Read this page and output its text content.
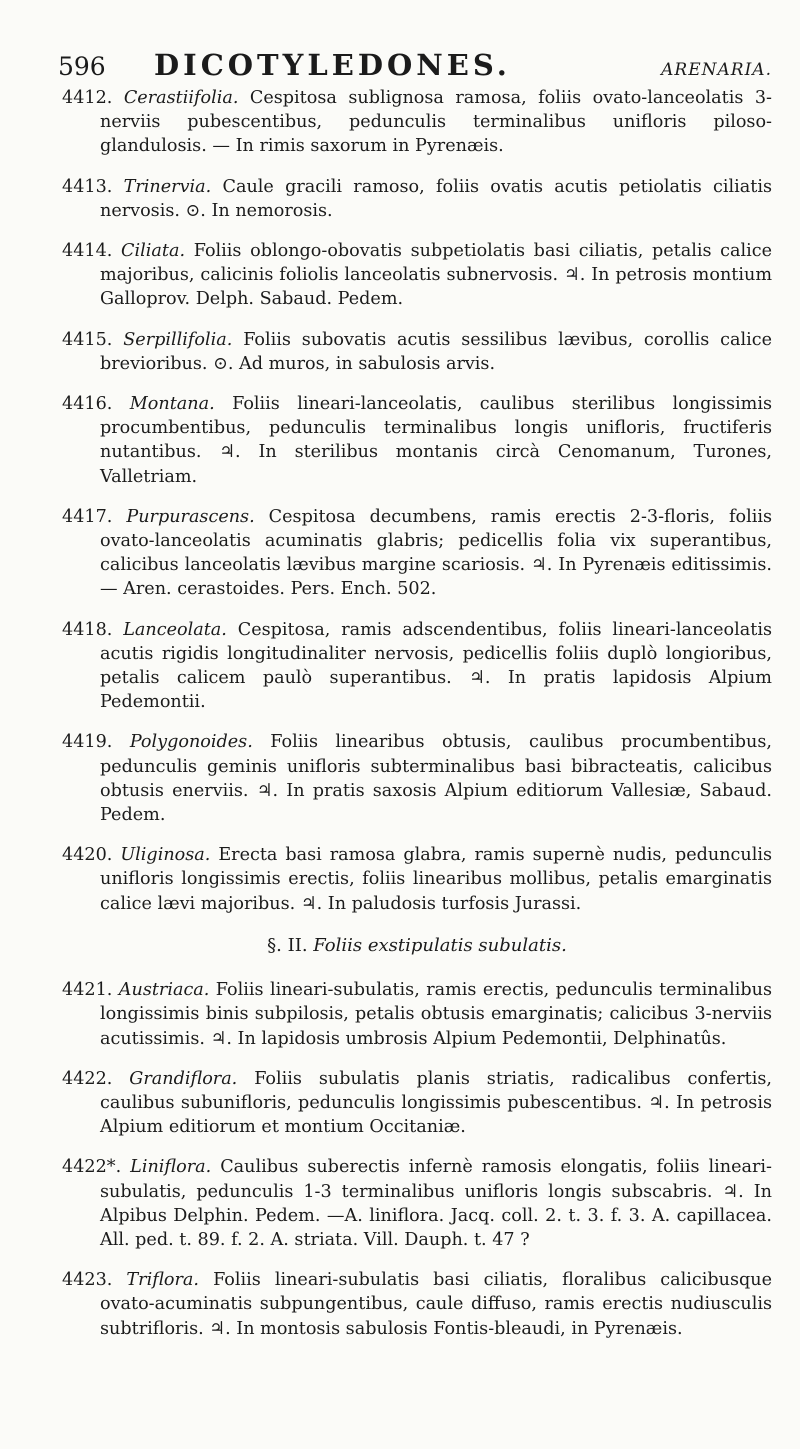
596	DICOTYLEDONES.	ARENARIA.

4412. Cerastiifolia. Cespitosa sublignosa ramosa, foliis ovato-lanceolatis 3-nerviis pubescentibus, pedunculis terminalibus unifloris piloso-glandulosis. — In rimis saxorum in Pyrenæis.

4413. Trinervia. Caule gracili ramoso, foliis ovatis acutis petiolatis ciliatis nervosis. ⊙. In nemorosis.

4414. Ciliata. Foliis oblongo-obovatis subpetiolatis basi ciliatis, petalis calice majoribus, calicinis foliolis lanceolatis subnervosis. ♃. In petrosis montium Galloprov. Delph. Sabaud. Pedem.

4415. Serpillifolia. Foliis subovatis acutis sessilibus lævibus, corollis calice brevioribus. ⊙. Ad muros, in sabulosis arvis.

4416. Montana. Foliis lineari-lanceolatis, caulibus sterilibus longissimis procumbentibus, pedunculis terminalibus longis unifloris, fructiferis nutantibus. ♃. In sterilibus montanis circà Cenomanum, Turones, Valletriam.

4417. Purpurascens. Cespitosa decumbens, ramis erectis 2-3-floris, foliis ovato-lanceolatis acuminatis glabris; pedicellis folia vix superantibus, calicibus lanceolatis lævibus margine scariosis. ♃. In Pyrenæis editissimis. — Aren. cerastoides. Pers. Ench. 502.

4418. Lanceolata. Cespitosa, ramis adscendentibus, foliis lineari-lanceolatis acutis rigidis longitudinaliter nervosis, pedicellis foliis duplò longioribus, petalis calicem paulò superantibus. ♃. In pratis lapidosis Alpium Pedemontii.

4419. Polygonoides. Foliis linearibus obtusis, caulibus procumbentibus, pedunculis geminis unifloris subterminalibus basi bibracteatis, calicibus obtusis enerviis. ♃. In pratis saxosis Alpium editiorum Vallesiæ, Sabaud. Pedem.

4420. Uliginosa. Erecta basi ramosa glabra, ramis supernè nudis, pedunculis unifloris longissimis erectis, foliis linearibus mollibus, petalis emarginatis calice lævi majoribus. ♃. In paludosis turfosis Jurassi.

§. II. Foliis exstipulatis subulatis.

4421. Austriaca. Foliis lineari-subulatis, ramis erectis, pedunculis terminalibus longissimis binis subpilosis, petalis obtusis emarginatis; calicibus 3-nerviis acutissimis. ♃. In lapidosis umbrosis Alpium Pedemontii, Delphinatûs.

4422. Grandiflora. Foliis subulatis planis striatis, radicalibus confertis, caulibus subunifloris, pedunculis longissimis pubescentibus. ♃. In petrosis Alpium editiorum et montium Occitaniæ.

4422*. Liniflora. Caulibus suberectis infernè ramosis elongatis, foliis lineari-subulatis, pedunculis 1-3 terminalibus unifloris longis subscabris. ♃. In Alpibus Delphin. Pedem. —A. liniflora. Jacq. coll. 2. t. 3. f. 3. A. capillacea. All. ped. t. 89. f. 2. A. striata. Vill. Dauph. t. 47 ?

4423. Triflora. Foliis lineari-subulatis basi ciliatis, floralibus calicibusque ovato-acuminatis subpungentibus, caule diffuso, ramis erectis nudiusculis subtrifloris. ♃. In montosis sabulosis Fontis-bleaudi, in Pyrenæis.
